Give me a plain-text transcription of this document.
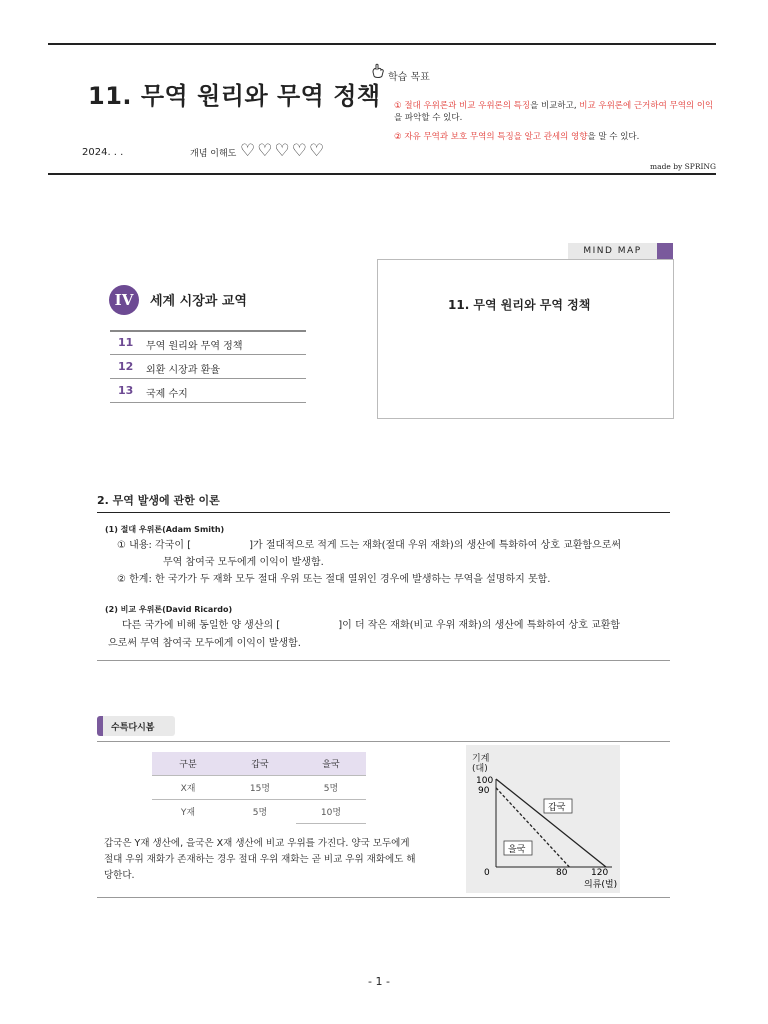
11. 무역 원리와 무역 정책
2024. . .	개념 이해도 ♡♡♡♡♡
학습 목표
① 절대 우위론과 비교 우위론의 특징을 비교하고, 비교 우위론에 근거하여 무역의 이익을 파악할 수 있다.
② 자유 무역과 보호 무역의 특징을 알고 관세의 영향을 말 수 있다.
made by SPRING
IV	세계 시장과 교역
11 무역 원리와 무역 정책
12 외환 시장과 환율
13 국제 수지
MIND MAP
11. 무역 원리와 무역 정책
2. 무역 발생에 관한 이론
(1) 절대 우위론(Adam Smith)
① 내용: 각국이 [	]가 절대적으로 적게 드는 재화(절대 우위 재화)의 생산에 특화하여 상호 교환함으로써
무역 참여국 모두에게 이익이 발생함.
② 한계: 한 국가가 두 재화 모두 절대 우위 또는 절대 열위인 경우에 발생하는 무역을 설명하지 못함.
(2) 비교 우위론(David Ricardo)
다른 국가에 비해 동일한 양 생산의 [	]이 더 작은 재화(비교 우위 재화)의 생산에 특화하여 상호 교환함
으로써 무역 참여국 모두에게 이익이 발생함.
수특다시봄
구분	갑국	을국
X재	15명	5명
Y재	5명	10명
갑국은 Y재 생산에, 을국은 X재 생산에 비교 우위를 가진다. 양국 모두에게 절대 우위 재화가 존재하는 경우 절대 우위 재화는 곧 비교 우위 재화에도 해당한다.
기계 (대)
0
100
90
80	120
의류(벌)
갑국
을국
- 1 -
